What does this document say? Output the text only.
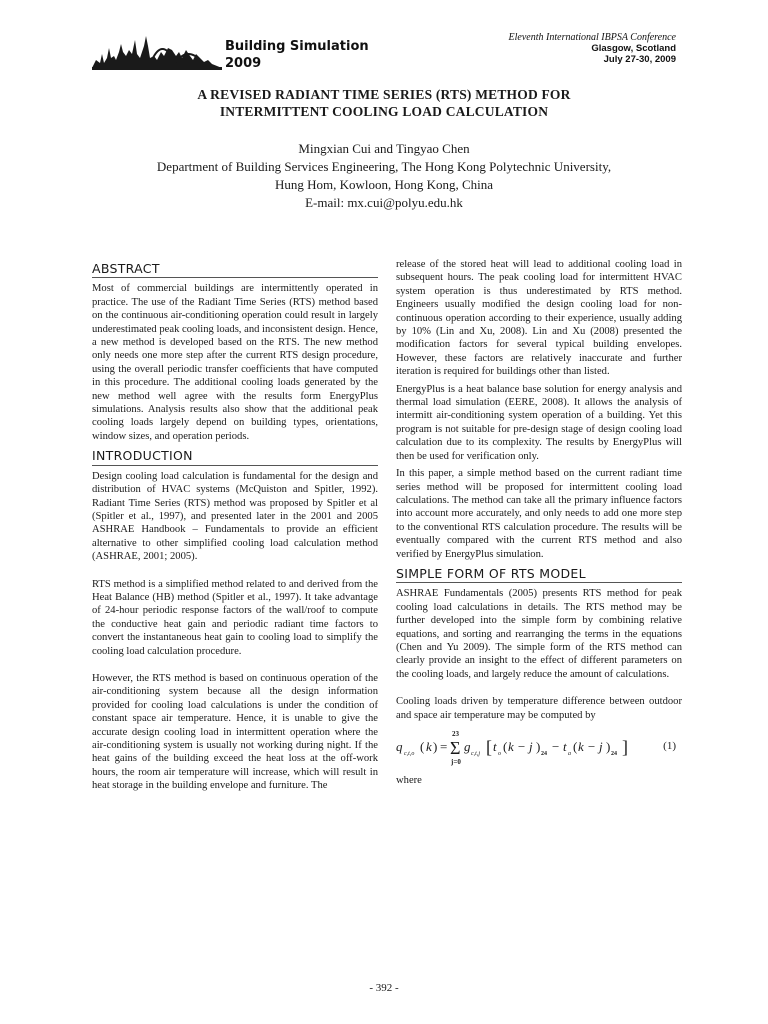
Building Simulation
2009
Eleventh International IBPSA Conference
Glasgow, Scotland
July 27-30, 2009
A REVISED RADIANT TIME SERIES (RTS) METHOD FOR
INTERMITTENT COOLING LOAD CALCULATION
Mingxian Cui and Tingyao Chen
Department of Building Services Engineering, The Hong Kong Polytechnic University,
Hung Hom, Kowloon, Hong Kong, China
E-mail: mx.cui@polyu.edu.hk
ABSTRACT

Most of commercial buildings are intermittently operated in practice. The use of the Radiant Time Series (RTS) method based on the continuous air-conditioning operation could result in largely underestimated peak cooling loads, and inconsistent design. Hence, a new method is developed based on the RTS. The new method only needs one more step after the current RTS design procedure, using the overall periodic transfer coefficients that have computed in this procedure. The additional cooling loads generated by the new method well agree with the results form EnergyPlus simulations. Analysis results also show that the additional peak cooling loads largely depend on building types, orientations, window sizes, and operation periods.

INTRODUCTION

Design cooling load calculation is fundamental for the design and distribution of HVAC systems (McQuiston and Spitler, 1992). Radiant Time Series (RTS) method was proposed by Spitler et al (Spitler et al., 1997), and presented later in the 2001 and 2005 ASHRAE Handbook – Fundamentals to provide an efficient alternative to other simplified cooling load calculation method (ASHRAE, 2001; 2005).

RTS method is a simplified method related to and derived from the Heat Balance (HB) method (Spitler et al., 1997). It take advantage of 24-hour periodic response factors of the wall/roof to compute the conductive heat gain and periodic radiant time factors to convert the instantaneous heat gain to cooling load to simplify the cooling load calculation procedure.

However, the RTS method is based on continuous operation of the air-conditioning system because all the design information provided for cooling load calculations is under the condition of constant space air temperature. Hence, it is unable to give the accurate design cooling load in intermittent operation where the air-conditioning system is usually not working during night. If the heat gains of the building exceed the heat loss at the off-work hours, the room air temperature will increase, which will result in heat storage in the building envelope and furniture. The

release of the stored heat will lead to additional cooling load in subsequent hours. The peak cooling load for intermittent HVAC system operation is thus underestimated by RTS method. Engineers usually modified the design cooling load for non-continuous operation according to their experience, usually adding by 10% (Lin and Xu, 2008). Lin and Xu (2008) presented the modification factors for several typical building envelopes. However, these factors are relatively inaccurate and further iteration is required for buildings other than listed.

EnergyPlus is a heat balance base solution for energy analysis and thermal load simulation (EERE, 2008). It allows the analysis of intermitt air-conditioning system operation of a building. Yet this program is not suitable for pre-design stage of design cooling load calculation due to its complexity. The results by EnergyPlus will then be used for verification only.

In this paper, a simple method based on the current radiant time series method will be proposed for intermittent cooling load calculations. The method can take all the primary influence factors into account more accurately, and only needs to add one more step to the conventional RTS calculation procedure. The results will be eventually compared with the current RTS method and also verified by EnergyPlus simulation.

SIMPLE FORM OF RTS MODEL

ASHRAE Fundamentals (2005) presents RTS method for peak cooling load calculations in details. The RTS method may be further developed into the simple form by combining relative equations, and sorting and rearranging the terms in the equations (Chen and Yu 2009). The simple form of the RTS method can clearly provide an insight to the effect of different parameters on the cooling loads, and largely reduce the amount of calculations.

Cooling loads driven by temperature difference between outdoor and space air temperature may be computed by

q c,t,o ( k ) =
23
Σ
j=0
g c,t,j [ t o ( k − j ) 24 − t a ( k − j ) 24 ]	(1)

where

- 392 -
